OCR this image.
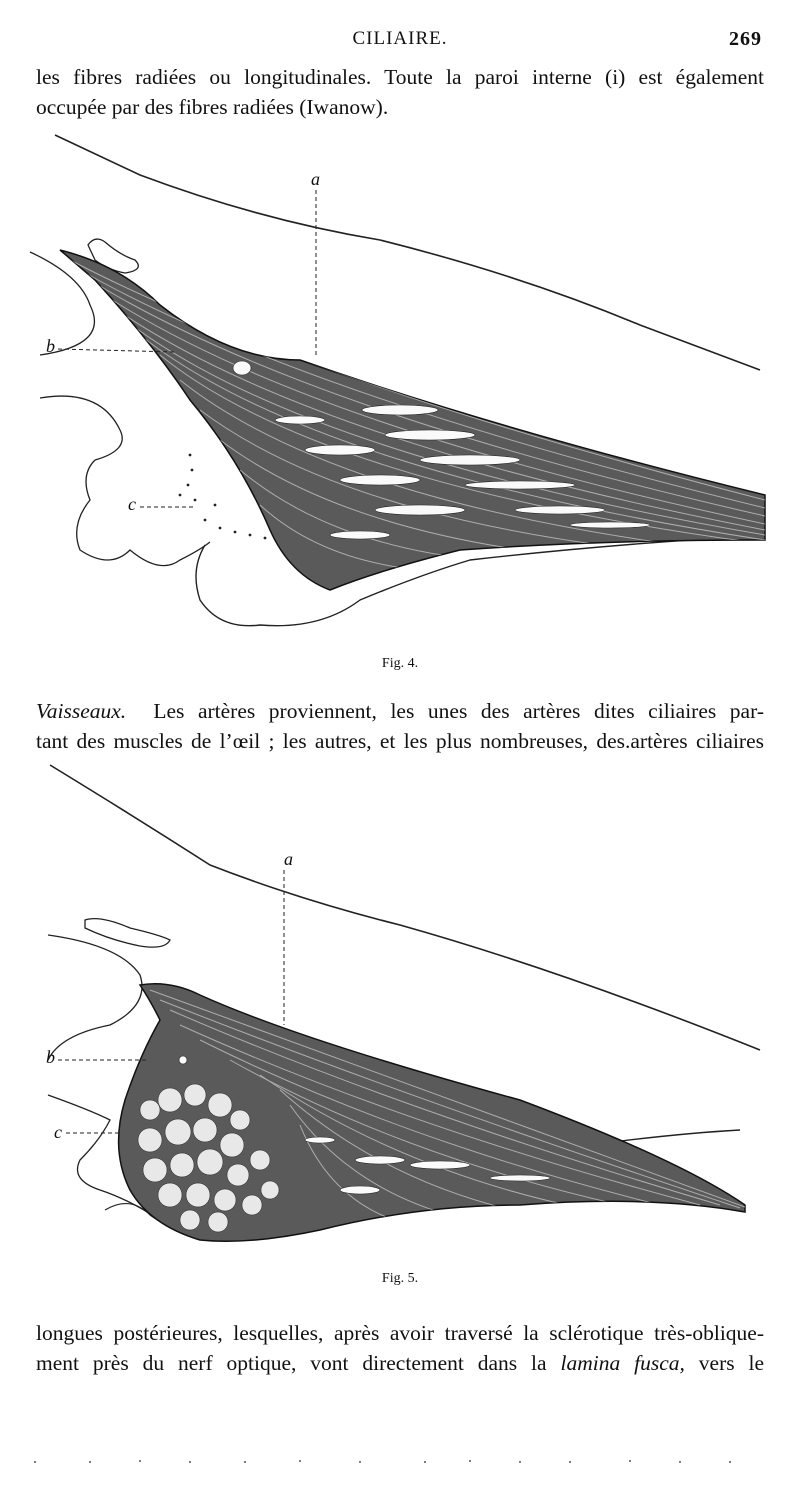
CILIAIRE.	269
les fibres radiées ou longitudinales. Toute la paroi interne (i) est également
occupée par des fibres radiées (Iwanow).
a
b
c
Fig. 4.
Vaisseaux. Les artères proviennent, les unes des artères dites ciliaires par-
tant des muscles de l’œil ; les autres, et les plus nombreuses, des.artères ciliaires
a
b
c
Fig. 5.
longues postérieures, lesquelles, après avoir traversé la sclérotique très-oblique-
ment près du nerf optique, vont directement dans la lamina fusca, vers le
